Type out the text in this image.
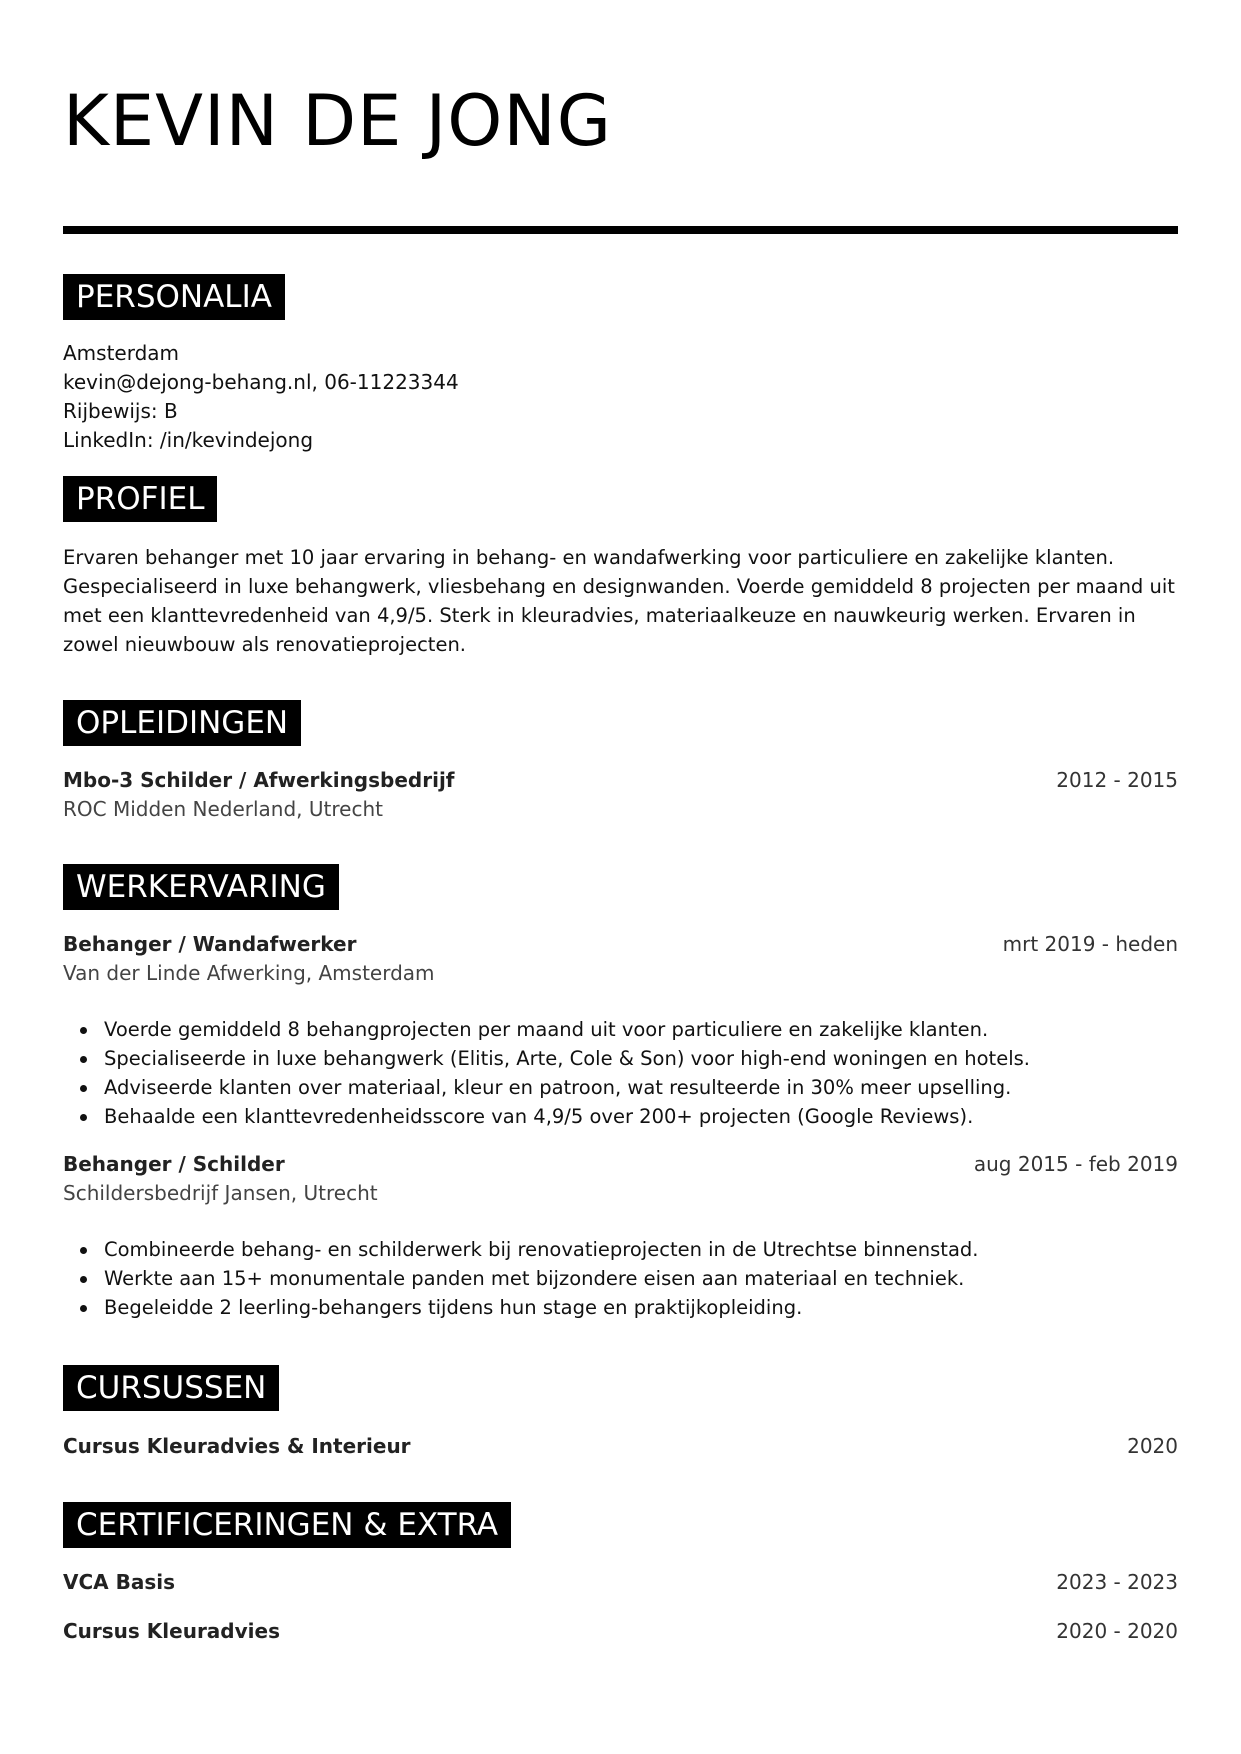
KEVIN DE JONG
PERSONALIA
Amsterdam
kevin@dejong-behang.nl, 06-11223344
Rijbewijs: B
LinkedIn: /in/kevindejong
PROFIEL

Ervaren behanger met 10 jaar ervaring in behang- en wandafwerking voor particuliere en zakelijke klanten. Gespecialiseerd in luxe behangwerk, vliesbehang en designwanden. Voerde gemiddeld 8 projecten per maand uit met een klanttevredenheid van 4,9/5. Sterk in kleuradvies, materiaalkeuze en nauwkeurig werken. Ervaren in zowel nieuwbouw als renovatieprojecten.

OPLEIDINGEN
Mbo-3 Schilder / Afwerkingsbedrijf	2012 - 2015
ROC Midden Nederland, Utrecht
WERKERVARING
Behanger / Wandafwerker	mrt 2019 - heden
Van der Linde Afwerking, Amsterdam
Voerde gemiddeld 8 behangprojecten per maand uit voor particuliere en zakelijke klanten.
Specialiseerde in luxe behangwerk (Elitis, Arte, Cole & Son) voor high-end woningen en hotels.
Adviseerde klanten over materiaal, kleur en patroon, wat resulteerde in 30% meer upselling.
Behaalde een klanttevredenheidsscore van 4,9/5 over 200+ projecten (Google Reviews).
Behanger / Schilder	aug 2015 - feb 2019
Schildersbedrijf Jansen, Utrecht
Combineerde behang- en schilderwerk bij renovatieprojecten in de Utrechtse binnenstad.
Werkte aan 15+ monumentale panden met bijzondere eisen aan materiaal en techniek.
Begeleidde 2 leerling-behangers tijdens hun stage en praktijkopleiding.
CURSUSSEN
Cursus Kleuradvies & Interieur	2020
CERTIFICERINGEN & EXTRA
VCA Basis	2023 - 2023
Cursus Kleuradvies	2020 - 2020
